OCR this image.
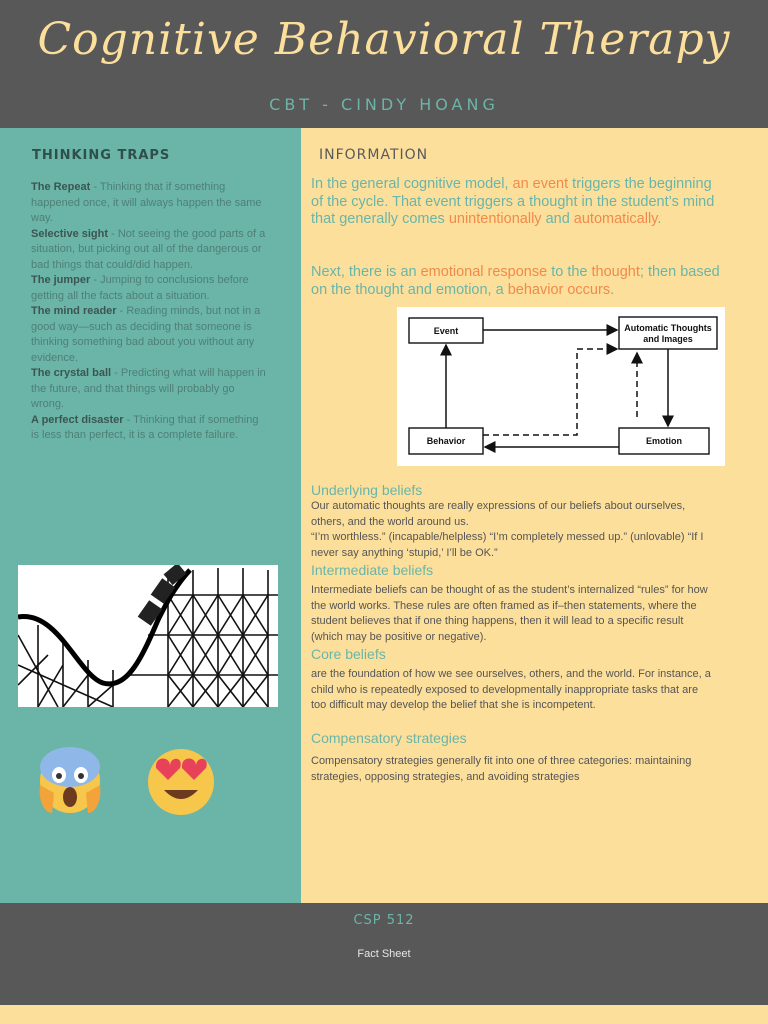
Cognitive Behavioral Therapy
CBT - CINDY HOANG
THINKING TRAPS
The Repeat - Thinking that if something happened once, it will always happen the same way.
Selective sight - Not seeing the good parts of a situation, but picking out all of the dangerous or bad things that could/did happen.
The jumper - Jumping to conclusions before getting all the facts about a situation.
The mind reader - Reading minds, but not in a good way—such as deciding that someone is thinking something bad about you without any evidence.
The crystal ball - Predicting what will happen in the future, and that things will probably go wrong.
A perfect disaster - Thinking that if something is less than perfect, it is a complete failure.
INFORMATION
In the general cognitive model, an event triggers the beginning of the cycle. That event triggers a thought in the student’s mind that generally comes unintentionally and automatically.
Next, there is an emotional response to the thought; then based on the thought and emotion, a behavior occurs.
Event	Automatic Thoughts
and Images
Behavior	Emotion
Underlying beliefs
Our automatic thoughts are really expressions of our beliefs about ourselves, others, and the world around us.
“I’m worthless.” (incapable/helpless) “I’m completely messed up.” (unlovable) “If I never say anything ‘stupid,’ I’ll be OK.”
Intermediate beliefs
Intermediate beliefs can be thought of as the student’s internalized “rules” for how the world works. These rules are often framed as if–then statements, where the student believes that if one thing happens, then it will lead to a specific result (which may be positive or negative).
Core beliefs
are the foundation of how we see ourselves, others, and the world. For instance, a child who is repeatedly exposed to developmentally inappropriate tasks that are too difficult may develop the belief that she is incompetent.
Compensatory strategies
Compensatory strategies generally fit into one of three categories: maintaining strategies, opposing strategies, and avoiding strategies
CSP 512
Fact Sheet
